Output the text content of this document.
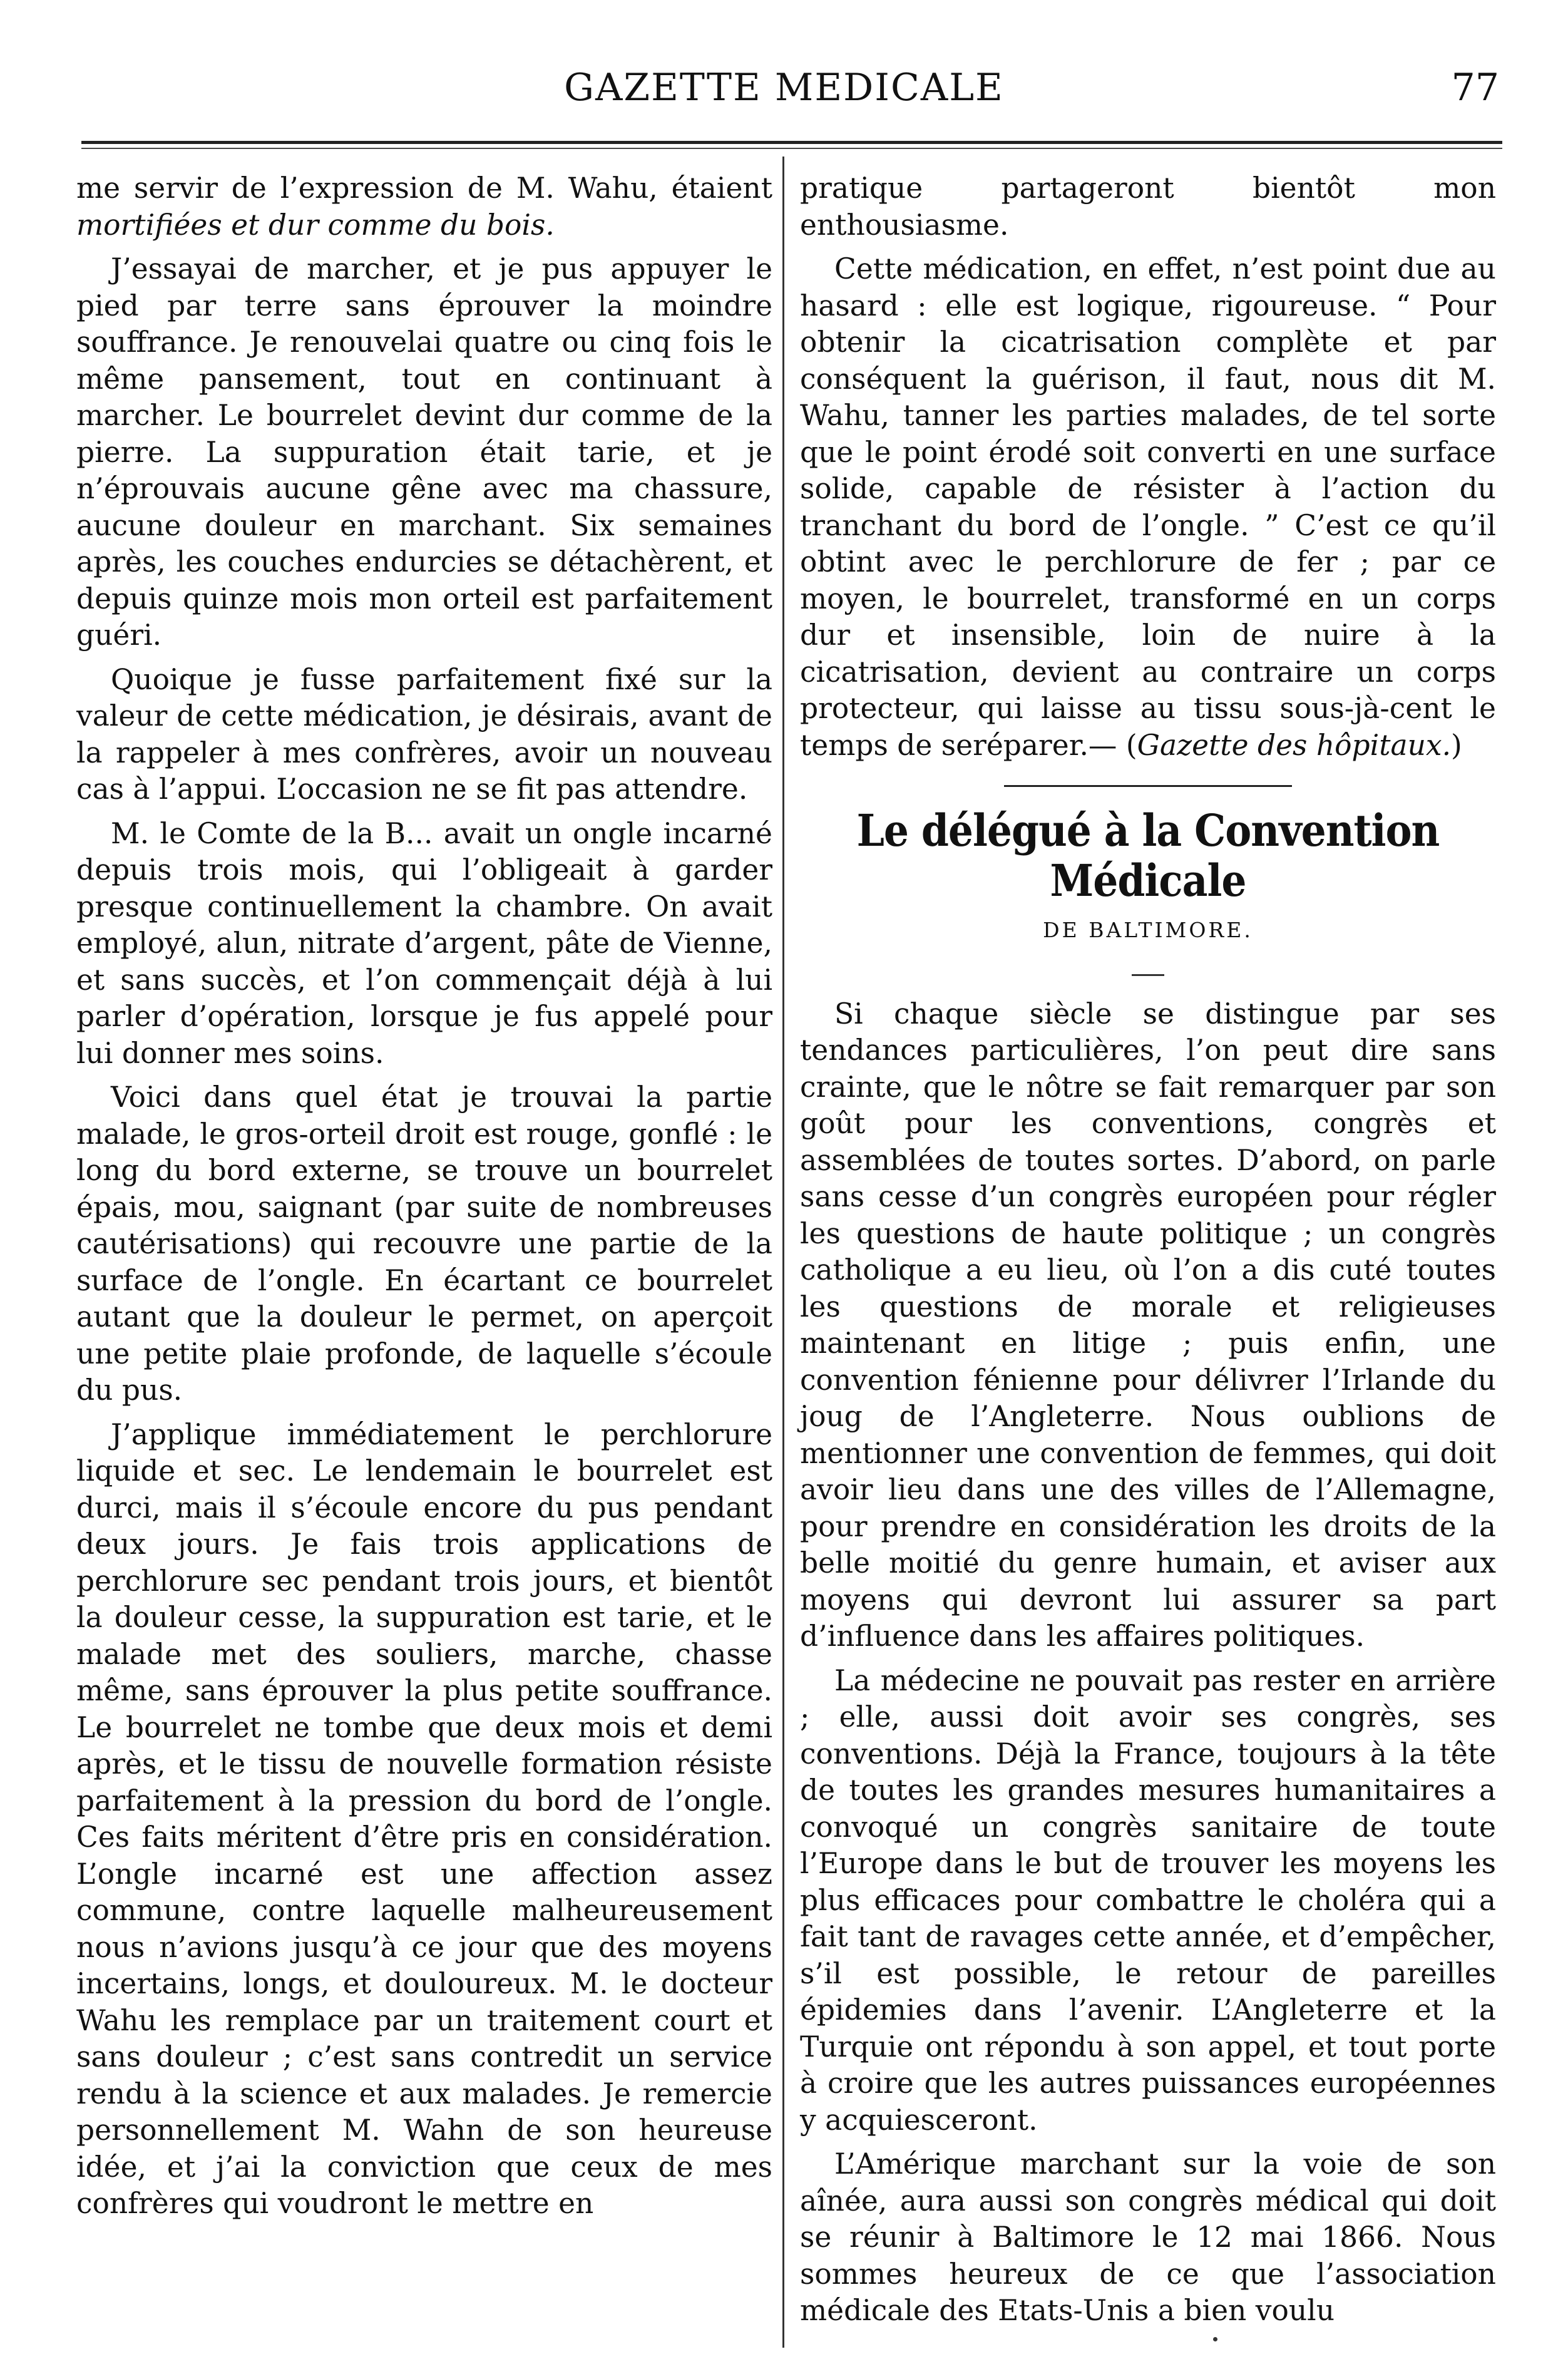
GAZETTE MEDICALE	77

me servir de l’expression de M. Wahu, étaient mortifiées et dur comme du bois.

J’essayai de marcher, et je pus appuyer le pied par terre sans éprouver la moindre souffrance. Je renouvelai quatre ou cinq fois le même pansement, tout en continuant à marcher. Le bourrelet devint dur comme de la pierre. La suppuration était tarie, et je n’éprouvais aucune gêne avec ma chassure, aucune douleur en marchant. Six semaines après, les couches endurcies se détachèrent, et depuis quinze mois mon orteil est parfaitement guéri.

Quoique je fusse parfaitement fixé sur la valeur de cette médication, je désirais, avant de la rappeler à mes confrères, avoir un nouveau cas à l’appui. L’occasion ne se fit pas attendre.

M. le Comte de la B... avait un ongle incarné depuis trois mois, qui l’obligeait à garder presque continuellement la chambre. On avait employé, alun, nitrate d’argent, pâte de Vienne, et sans succès, et l’on commençait déjà à lui parler d’opération, lorsque je fus appelé pour lui donner mes soins.

Voici dans quel état je trouvai la partie malade, le gros-orteil droit est rouge, gonflé : le long du bord externe, se trouve un bourrelet épais, mou, saignant (par suite de nombreuses cautérisations) qui recouvre une partie de la surface de l’ongle. En écartant ce bourrelet autant que la douleur le permet, on aperçoit une petite plaie profonde, de laquelle s’écoule du pus.

J’applique immédiatement le perchlorure liquide et sec. Le lendemain le bourrelet est durci, mais il s’écoule encore du pus pendant deux jours. Je fais trois applications de perchlorure sec pendant trois jours, et bientôt la douleur cesse, la suppuration est tarie, et le malade met des souliers, marche, chasse même, sans éprouver la plus petite souffrance. Le bourrelet ne tombe que deux mois et demi après, et le tissu de nouvelle formation résiste parfaitement à la pression du bord de l’ongle. Ces faits méritent d’être pris en considération. L’ongle incarné est une affection assez commune, contre laquelle malheureusement nous n’avions jusqu’à ce jour que des moyens incertains, longs, et douloureux. M. le docteur Wahu les remplace par un traitement court et sans douleur ; c’est sans contredit un service rendu à la science et aux malades. Je remercie personnellement M. Wahn de son heureuse idée, et j’ai la conviction que ceux de mes confrères qui voudront le mettre en

pratique partageront bientôt mon enthousiasme.

Cette médication, en effet, n’est point due au hasard : elle est logique, rigoureuse. “ Pour obtenir la cicatrisation complète et par conséquent la guérison, il faut, nous dit M. Wahu, tanner les parties malades, de tel sorte que le point érodé soit converti en une surface solide, capable de résister à l’action du tranchant du bord de l’ongle. ” C’est ce qu’il obtint avec le perchlorure de fer ; par ce moyen, le bourrelet, transformé en un corps dur et insensible, loin de nuire à la cicatrisation, devient au contraire un corps protecteur, qui laisse au tissu sous-jà-cent le temps de seréparer.— (Gazette des hôpitaux.)

Le délégué à la Convention Médicale
DE BALTIMORE.

Si chaque siècle se distingue par ses tendances particulières, l’on peut dire sans crainte, que le nôtre se fait remarquer par son goût pour les conventions, congrès et assemblées de toutes sortes. D’abord, on parle sans cesse d’un congrès européen pour régler les questions de haute politique ; un congrès catholique a eu lieu, où l’on a dis cuté toutes les questions de morale et religieuses maintenant en litige ; puis enfin, une convention fénienne pour délivrer l’Irlande du joug de l’Angleterre. Nous oublions de mentionner une convention de femmes, qui doit avoir lieu dans une des villes de l’Allemagne, pour prendre en considération les droits de la belle moitié du genre humain, et aviser aux moyens qui devront lui assurer sa part d’influence dans les affaires politiques.

La médecine ne pouvait pas rester en arrière ; elle, aussi doit avoir ses congrès, ses conventions. Déjà la France, toujours à la tête de toutes les grandes mesures humanitaires a convoqué un congrès sanitaire de toute l’Europe dans le but de trouver les moyens les plus efficaces pour combattre le choléra qui a fait tant de ravages cette année, et d’empêcher, s’il est possible, le retour de pareilles épidemies dans l’avenir. L’Angleterre et la Turquie ont répondu à son appel, et tout porte à croire que les autres puissances européennes y acquiesceront.

L’Amérique marchant sur la voie de son aînée, aura aussi son congrès médical qui doit se réunir à Baltimore le 12 mai 1866. Nous sommes heureux de ce que l’association médicale des Etats-Unis a bien voulu
